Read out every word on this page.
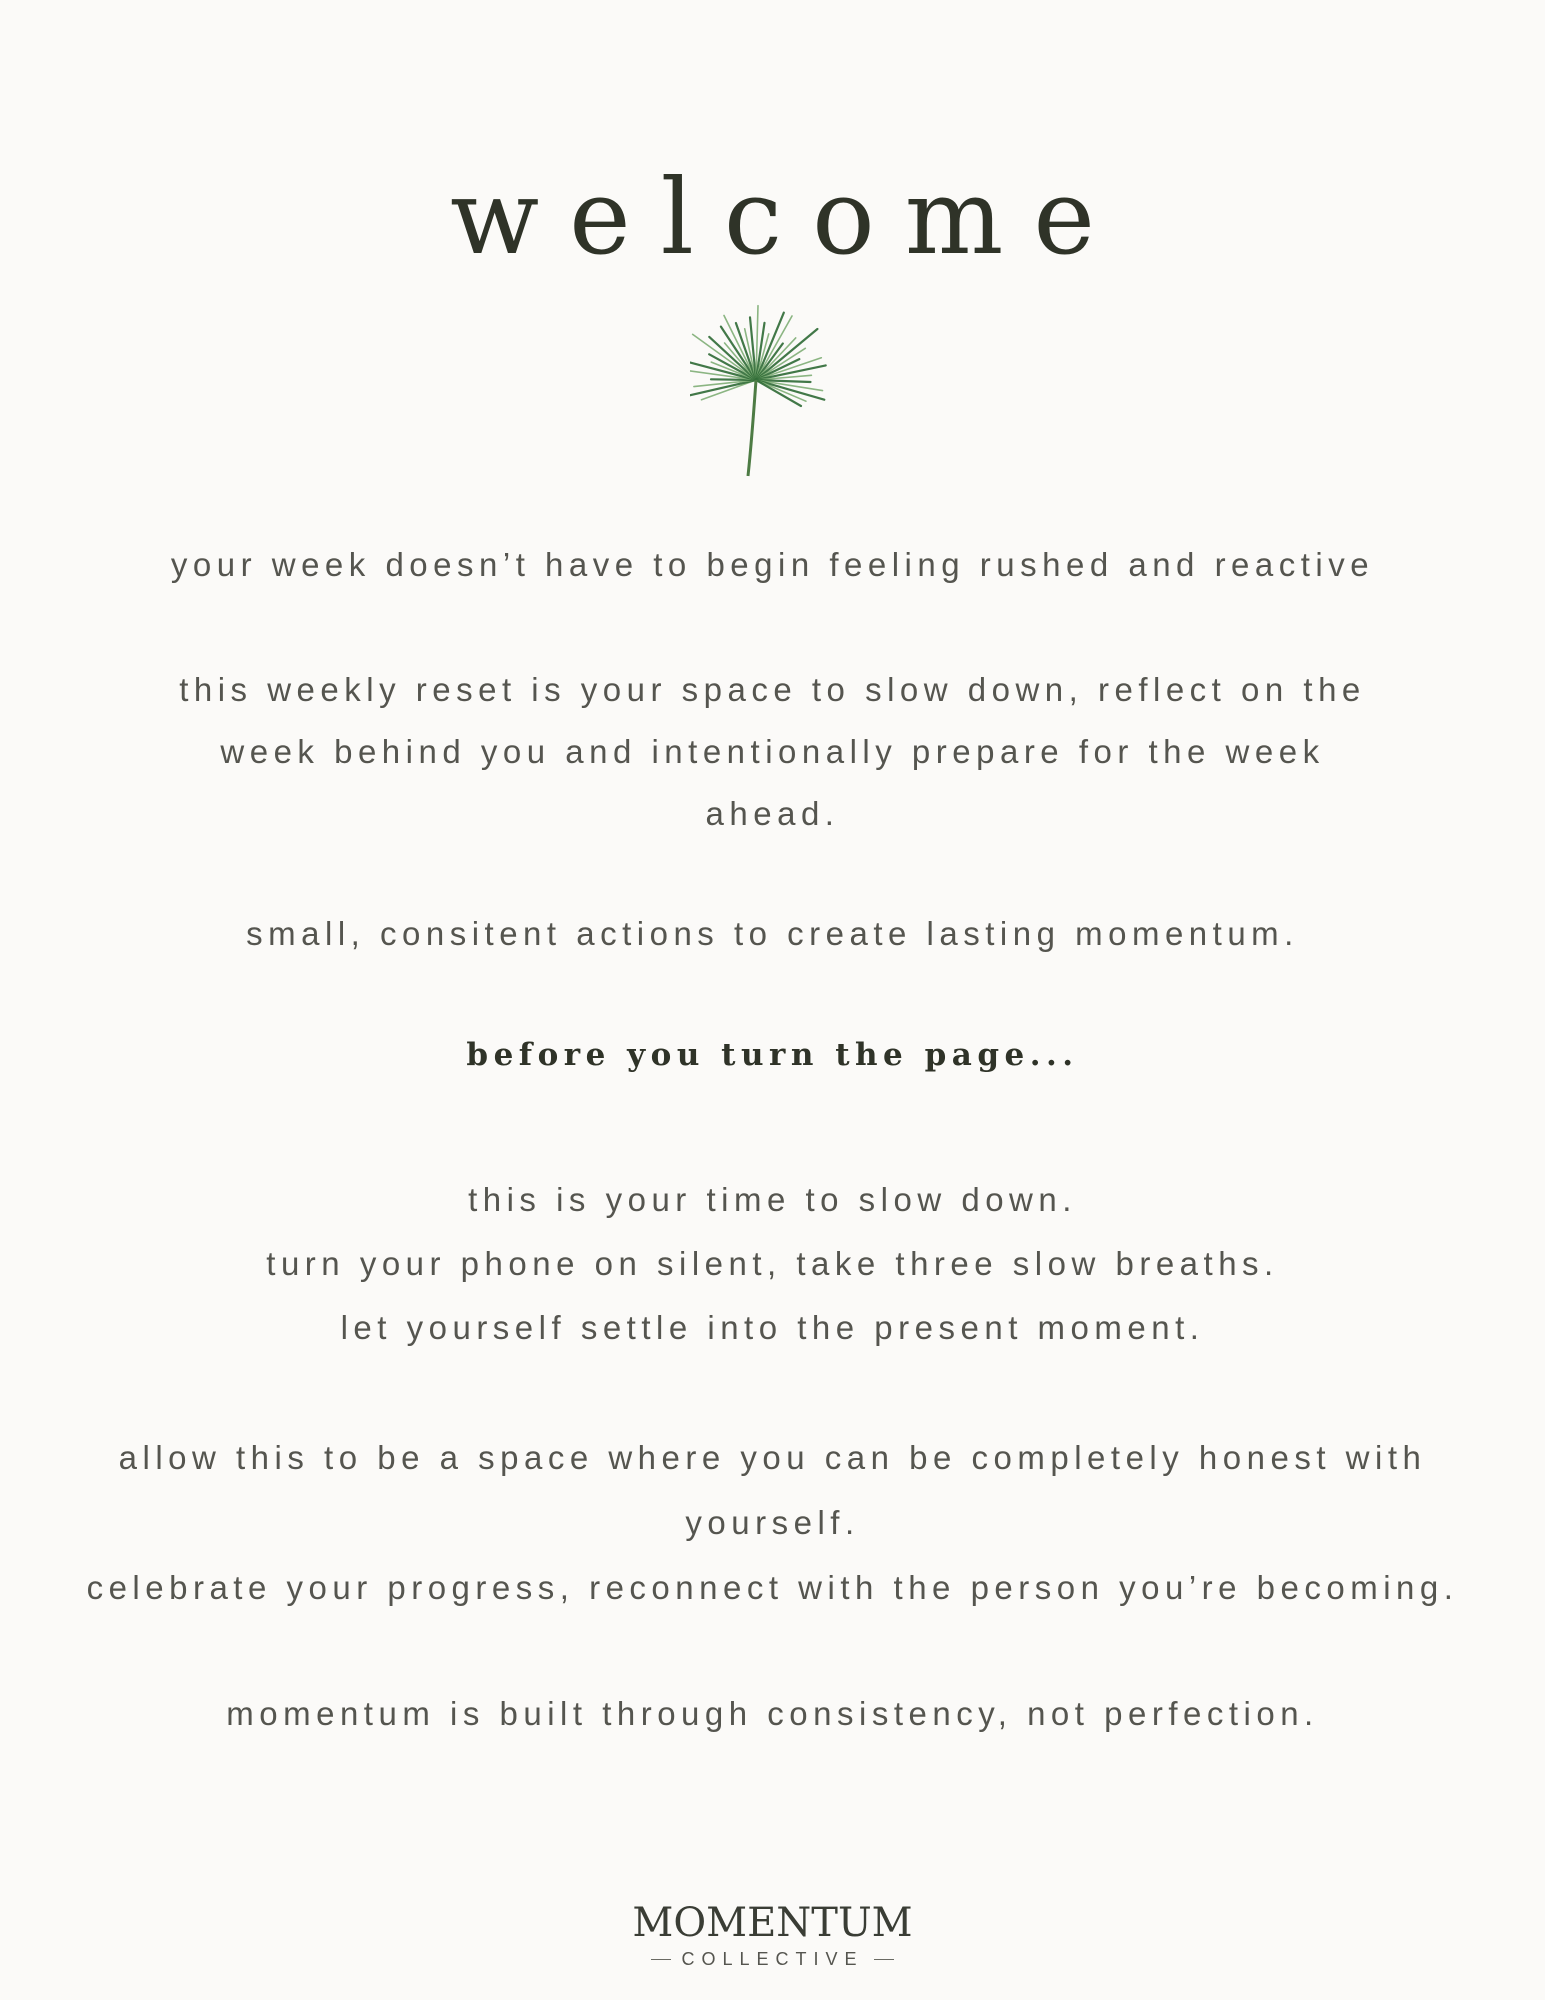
welcome
your week doesn’t have to begin feeling rushed and reactive
this weekly reset is your space to slow down, reflect on the
week behind you and intentionally prepare for the week
ahead.
small, consitent actions to create lasting momentum.
before you turn the page...
this is your time to slow down.
turn your phone on silent, take three slow breaths.
let yourself settle into the present moment.
allow this to be a space where you can be completely honest with
yourself.
celebrate your progress, reconnect with the person you’re becoming.
momentum is built through consistency, not perfection.
MOMENTUM
COLLECTIVE
